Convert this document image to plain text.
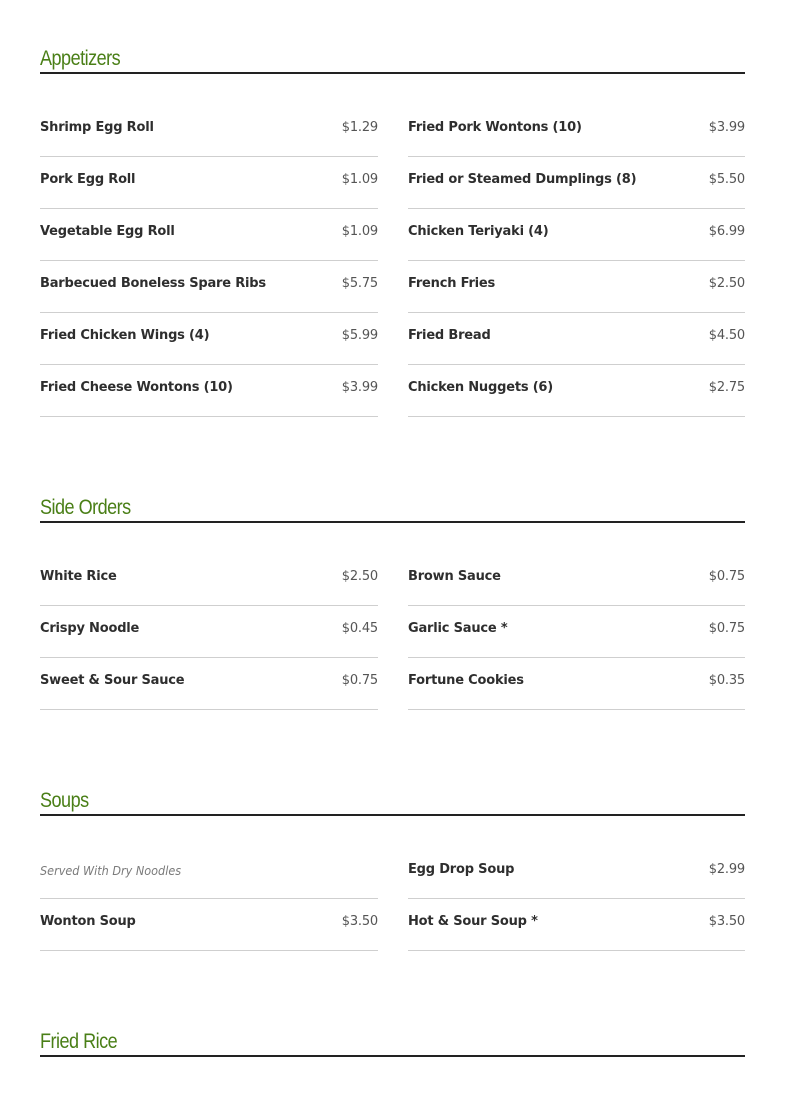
Appetizers
Shrimp Egg Roll	$1.29
Pork Egg Roll	$1.09
Vegetable Egg Roll	$1.09
Barbecued Boneless Spare Ribs	$5.75
Fried Chicken Wings (4)	$5.99
Fried Cheese Wontons (10)	$3.99
Fried Pork Wontons (10)	$3.99
Fried or Steamed Dumplings (8)	$5.50
Chicken Teriyaki (4)	$6.99
French Fries	$2.50
Fried Bread	$4.50
Chicken Nuggets (6)	$2.75
Side Orders
White Rice	$2.50
Crispy Noodle	$0.45
Sweet & Sour Sauce	$0.75
Brown Sauce	$0.75
Garlic Sauce *	$0.75
Fortune Cookies	$0.35
Soups
Served With Dry Noodles
Wonton Soup	$3.50
Egg Drop Soup	$2.99
Hot & Sour Soup *	$3.50
Fried Rice
